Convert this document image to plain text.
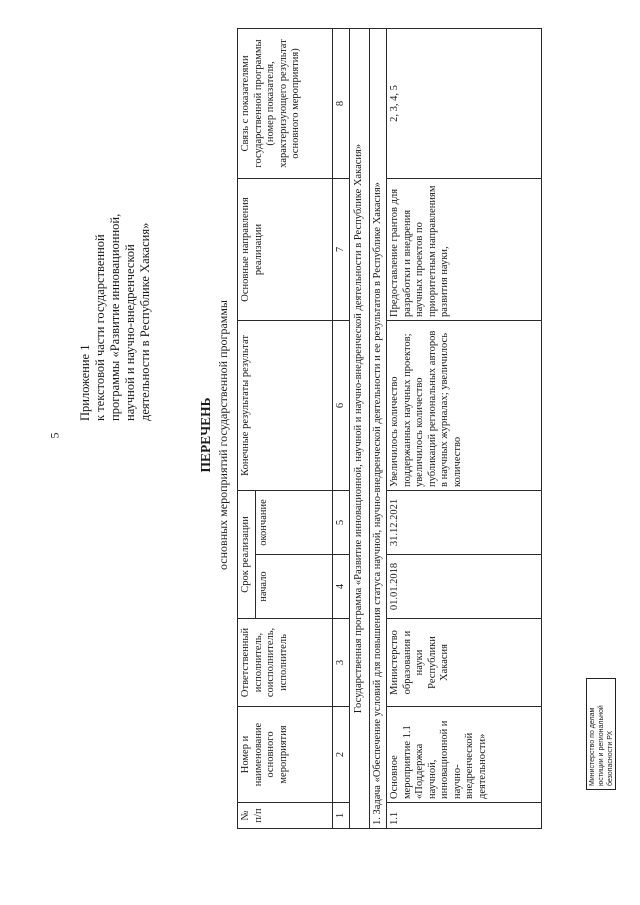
5
Приложение 1 к текстовой части государственной программы «Развитие инновационной, научной и научно-внедренческой деятельности в Республике Хакасия»
ПЕРЕЧЕНЬ основных мероприятий государственной программы
№ п/п	Номер и наименование основного мероприятия	Ответственный исполнитель, соисполнитель, исполнитель	Срок реализации		Конечные результаты результат	Основные направления реализации	Связь с показателями государственной программы (номер показателя, характеризующего результат основного мероприятия)
			начало	окончание			
1	2	3	4	5	6	7	8
Государственная программа «Развитие инновационной, научной и научно-внедренческой деятельности в Республике Хакасия»							
1. Задача «Обеспечение условий для повышения статуса научной, научно-внедренческой деятельности и ее результатов в Республике Хакасия»							
1.1	Основное мероприятие 1.1 «Поддержка научной, инновационной и научно-внедренческой деятельности»	Министерство образования и науки Республики Хакасия	01.01.2018	31.12.2021	Увеличилось количество поддержанных научных проектов; увеличилось количество публикаций региональных авторов в научных журналах; увеличилось количество	Предоставление грантов для разработки и внедрения научных проектов по приоритетным направлениям развития науки,	2, 3, 4, 5
Министерство по делам юстиции и региональной безопасности РХ
